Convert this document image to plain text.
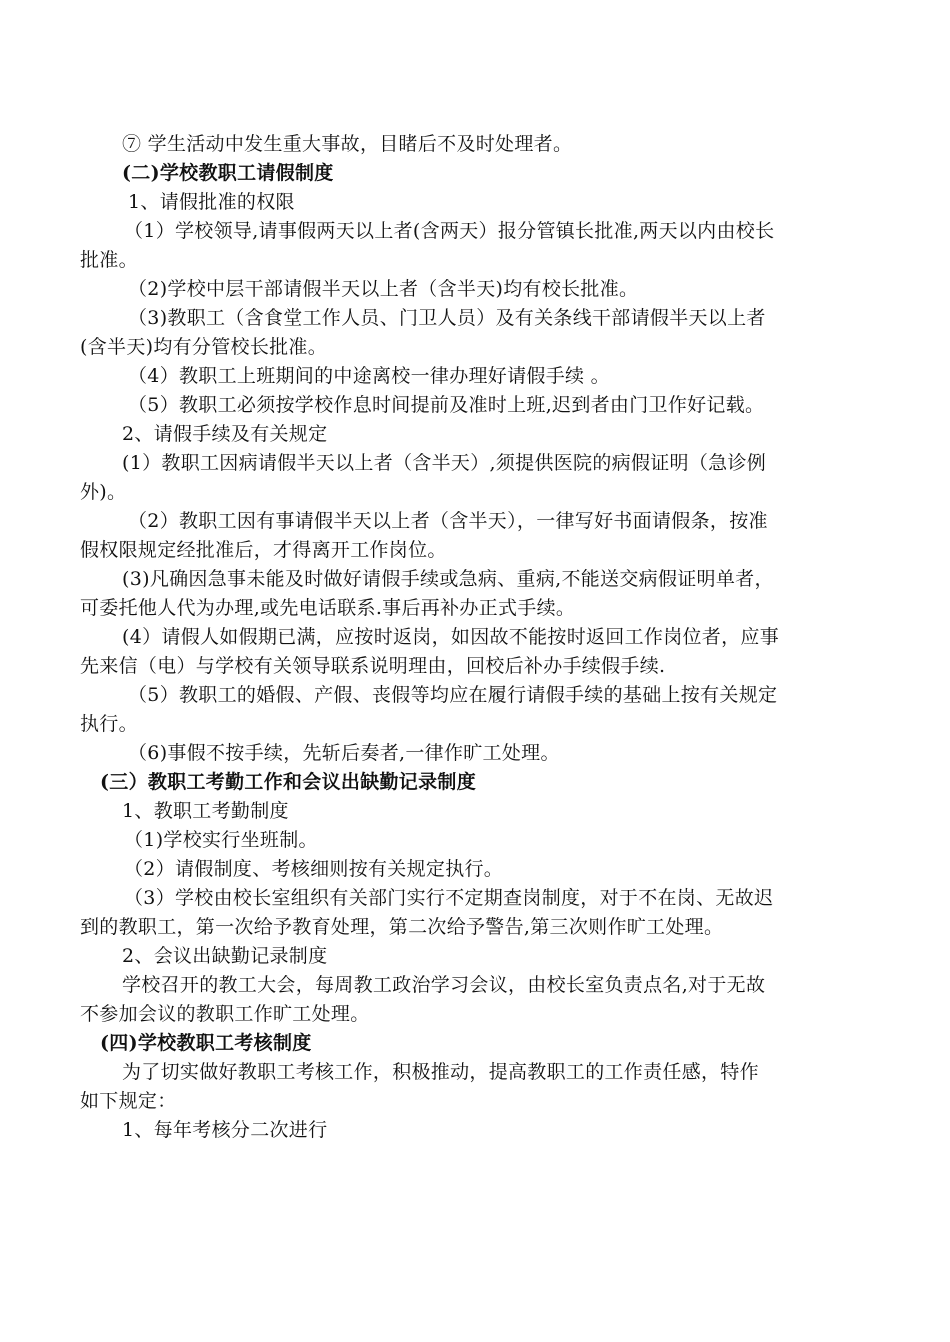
⑦ 学生活动中发生重大事故，目睹后不及时处理者。
(二)学校教职工请假制度
1、请假批准的权限
（1）学校领导,请事假两天以上者(含两天）报分管镇长批准,两天以内由校长
批准。
（2)学校中层干部请假半天以上者（含半天)均有校长批准。
（3)教职工（含食堂工作人员、门卫人员）及有关条线干部请假半天以上者
(含半天)均有分管校长批准。
（4）教职工上班期间的中途离校一律办理好请假手续 。
（5）教职工必须按学校作息时间提前及准时上班,迟到者由门卫作好记载。
2、请假手续及有关规定
(1）教职工因病请假半天以上者（含半天）,须提供医院的病假证明（急诊例
外)。
（2）教职工因有事请假半天以上者（含半天），一律写好书面请假条，按准
假权限规定经批准后，才得离开工作岗位。
(3)凡确因急事未能及时做好请假手续或急病、重病,不能送交病假证明单者，
可委托他人代为办理,或先电话联系.事后再补办正式手续。
(4）请假人如假期已满，应按时返岗，如因故不能按时返回工作岗位者，应事
先来信（电）与学校有关领导联系说明理由，回校后补办手续假手续.
（5）教职工的婚假、产假、丧假等均应在履行请假手续的基础上按有关规定
执行。
（6)事假不按手续，先斩后奏者,一律作旷工处理。
(三）教职工考勤工作和会议出缺勤记录制度
1、教职工考勤制度
（1)学校实行坐班制。
（2）请假制度、考核细则按有关规定执行。
（3）学校由校长室组织有关部门实行不定期查岗制度，对于不在岗、无故迟
到的教职工，第一次给予教育处理，第二次给予警告,第三次则作旷工处理。
2、会议出缺勤记录制度
学校召开的教工大会，每周教工政治学习会议，由校长室负责点名,对于无故
不参加会议的教职工作旷工处理。
(四)学校教职工考核制度
为了切实做好教职工考核工作，积极推动，提高教职工的工作责任感，特作
如下规定：
1、每年考核分二次进行
